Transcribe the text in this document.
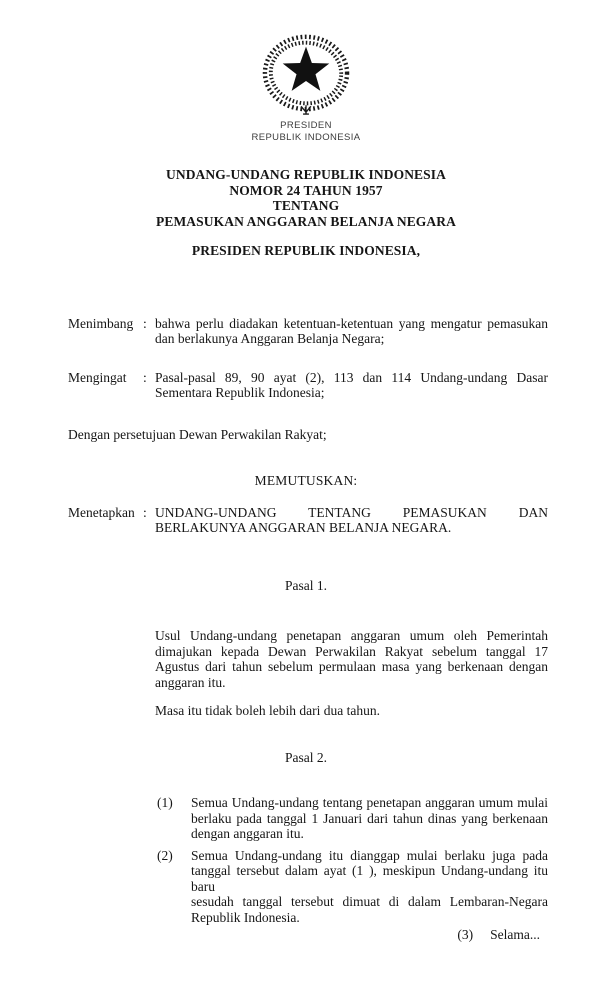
PRESIDEN
REPUBLIK INDONESIA
UNDANG-UNDANG REPUBLIK INDONESIA
NOMOR 24 TAHUN 1957
TENTANG
PEMASUKAN ANGGARAN BELANJA NEGARA
PRESIDEN REPUBLIK INDONESIA,
Menimbang : bahwa perlu diadakan ketentuan-ketentuan yang mengatur pemasukan
dan berlakunya Anggaran Belanja Negara;
Mengingat	: Pasal-pasal 89, 90 ayat (2), 113 dan 114 Undang-undang Dasar
Sementara Republik Indonesia;
Dengan persetujuan Dewan Perwakilan Rakyat;
MEMUTUSKAN:
Menetapkan : UNDANG-UNDANG TENTANG PEMASUKAN DAN
BERLAKUNYA ANGGARAN BELANJA NEGARA.
Pasal 1.
Usul Undang-undang penetapan anggaran umum oleh Pemerintah
dimajukan kepada Dewan Perwakilan Rakyat sebelum tanggal 17
Agustus dari tahun sebelum permulaan masa yang berkenaan dengan
anggaran itu.
Masa itu tidak boleh lebih dari dua tahun.
Pasal 2.
(1)	Semua Undang-undang tentang penetapan anggaran umum mulai
berlaku pada tanggal 1 Januari dari tahun dinas yang berkenaan
dengan anggaran itu.
(2)	Semua Undang-undang itu dianggap mulai berlaku juga pada
tanggal tersebut dalam ayat (1 ), meskipun Undang-undang itu baru
sesudah tanggal tersebut dimuat di dalam Lembaran-Negara
Republik Indonesia.
(3) Selama...
